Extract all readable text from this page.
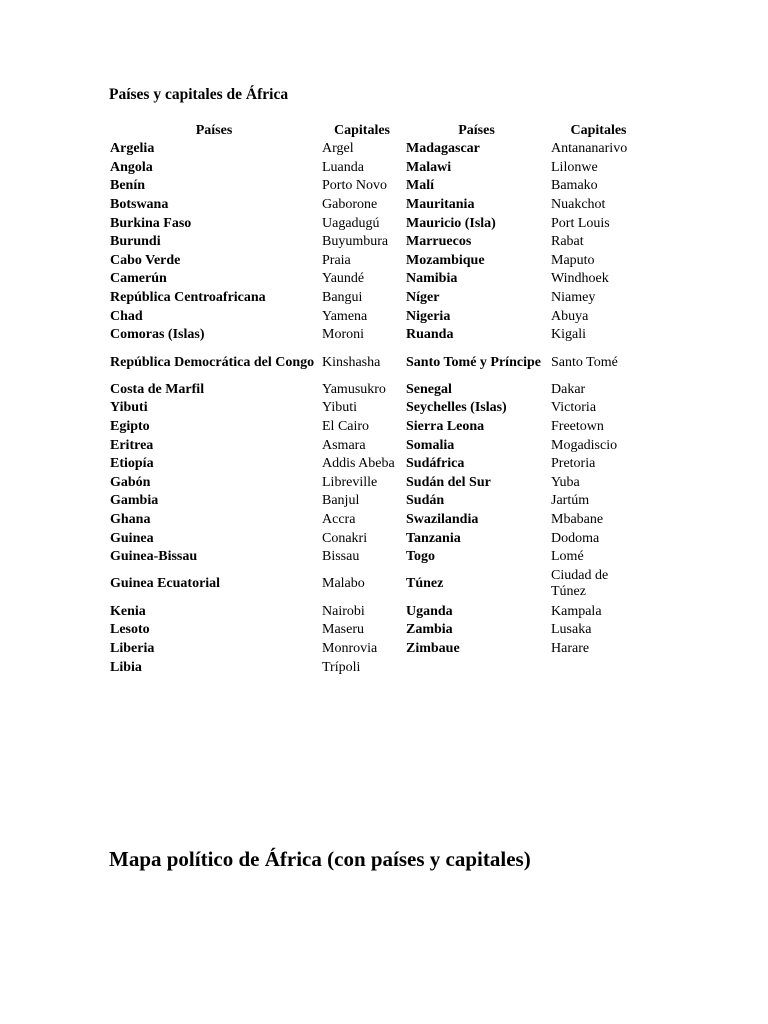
Países y capitales de África
Países	Capitales	Países	Capitales
Argelia	Argel	Madagascar	Antananarivo
Angola	Luanda	Malawi	Lilonwe
Benín	Porto Novo	Malí	Bamako
Botswana	Gaborone	Mauritania	Nuakchot
Burkina Faso	Uagadugú	Mauricio (Isla)	Port Louis
Burundi	Buyumbura	Marruecos	Rabat
Cabo Verde	Praia	Mozambique	Maputo
Camerún	Yaundé	Namibia	Windhoek
República Centroafricana	Bangui	Níger	Niamey
Chad	Yamena	Nigeria	Abuya
Comoras (Islas)	Moroni	Ruanda	Kigali
República Democrática del Congo	Kinshasha	Santo Tomé y Príncipe	Santo Tomé
Costa de Marfil	Yamusukro	Senegal	Dakar
Yibuti	Yibuti	Seychelles (Islas)	Victoria
Egipto	El Cairo	Sierra Leona	Freetown
Eritrea	Asmara	Somalia	Mogadiscio
Etiopía	Addis Abeba	Sudáfrica	Pretoria
Gabón	Libreville	Sudán del Sur	Yuba
Gambia	Banjul	Sudán	Jartúm
Ghana	Accra	Swazilandia	Mbabane
Guinea	Conakri	Tanzania	Dodoma
Guinea-Bissau	Bissau	Togo	Lomé
Guinea Ecuatorial	Malabo	Túnez	Ciudad de Túnez
Kenia	Nairobi	Uganda	Kampala
Lesoto	Maseru	Zambia	Lusaka
Liberia	Monrovia	Zimbaue	Harare
Libia	Trípoli		
Mapa político de África (con países y capitales)
